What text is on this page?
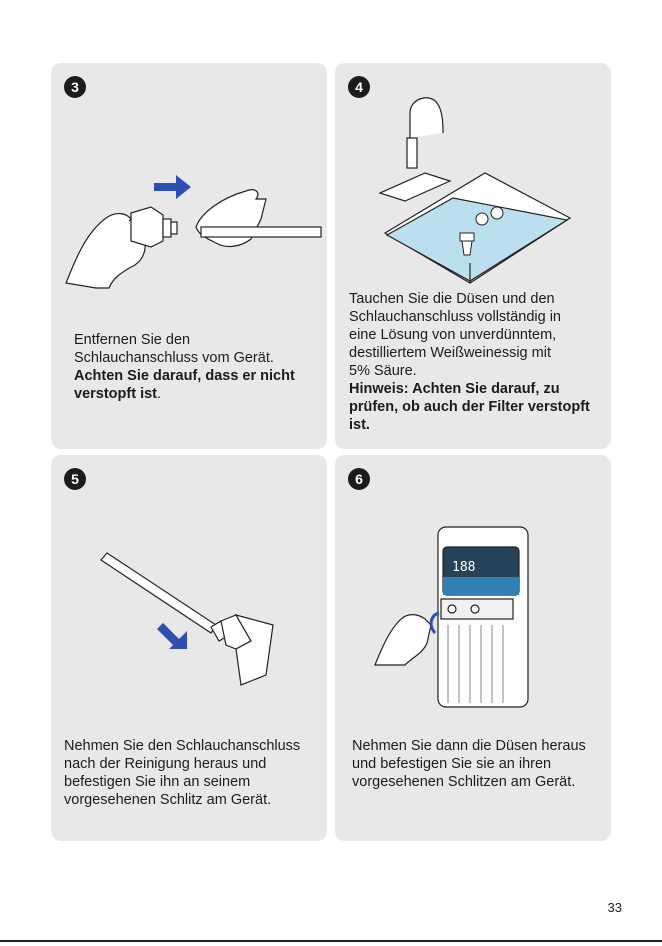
3

Entfernen Sie den

Schlauchanschluss vom Gerät.

Achten Sie darauf, dass er nicht

verstopft ist.

4

Tauchen Sie die Düsen und den

Schlauchanschluss vollständig in

eine Lösung von unverdünntem,

destilliertem Weißweinessig mit

5% Säure.

Hinweis: Achten Sie darauf, zu

prüfen, ob auch der Filter verstopft

ist.

5

Nehmen Sie den Schlauchanschluss

nach der Reinigung heraus und

befestigen Sie ihn an seinem

vorgesehenen Schlitz am Gerät.

6
188

Nehmen Sie dann die Düsen heraus

und befestigen Sie sie an ihren

vorgesehenen Schlitzen am Gerät.

33
